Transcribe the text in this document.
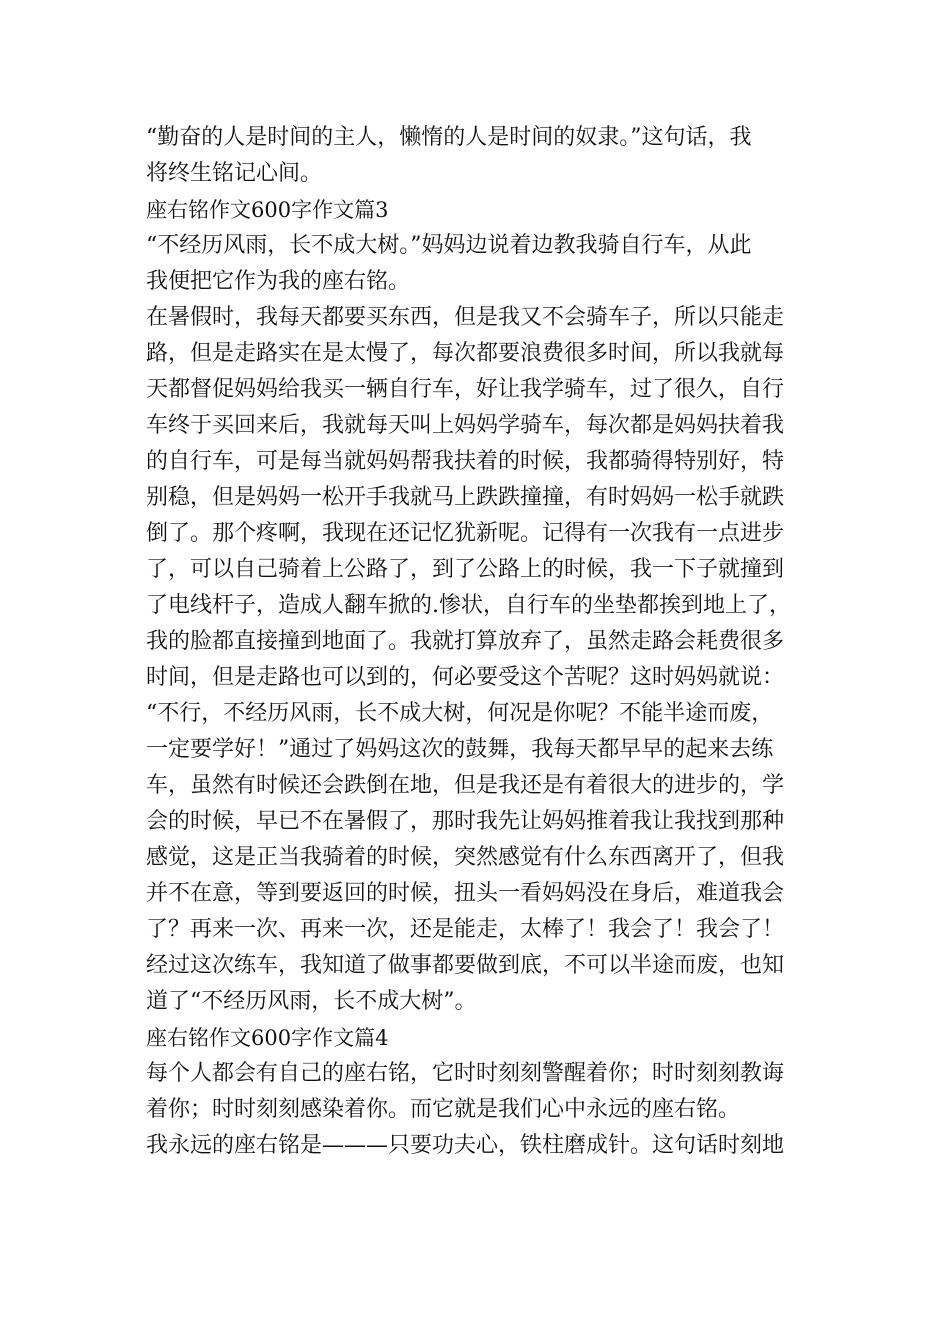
“勤奋的人是时间的主人，懒惰的人是时间的奴隶。”这句话，我
将终生铭记心间。
座右铭作文600字作文篇3
“不经历风雨，长不成大树。”妈妈边说着边教我骑自行车，从此
我便把它作为我的座右铭。
在暑假时，我每天都要买东西，但是我又不会骑车子，所以只能走
路，但是走路实在是太慢了，每次都要浪费很多时间，所以我就每
天都督促妈妈给我买一辆自行车，好让我学骑车，过了很久，自行
车终于买回来后，我就每天叫上妈妈学骑车，每次都是妈妈扶着我
的自行车，可是每当就妈妈帮我扶着的时候，我都骑得特别好，特
别稳，但是妈妈一松开手我就马上跌跌撞撞，有时妈妈一松手就跌
倒了。那个疼啊，我现在还记忆犹新呢。记得有一次我有一点进步
了，可以自己骑着上公路了，到了公路上的时候，我一下子就撞到
了电线杆子，造成人翻车掀的.惨状，自行车的坐垫都挨到地上了，
我的脸都直接撞到地面了。我就打算放弃了，虽然走路会耗费很多
时间，但是走路也可以到的，何必要受这个苦呢？这时妈妈就说：
“不行，不经历风雨，长不成大树，何况是你呢？不能半途而废，
一定要学好！”通过了妈妈这次的鼓舞，我每天都早早的起来去练
车，虽然有时候还会跌倒在地，但是我还是有着很大的进步的，学
会的时候，早已不在暑假了，那时我先让妈妈推着我让我找到那种
感觉，这是正当我骑着的时候，突然感觉有什么东西离开了，但我
并不在意，等到要返回的时候，扭头一看妈妈没在身后，难道我会
了？再来一次、再来一次，还是能走，太棒了！我会了！我会了！
经过这次练车，我知道了做事都要做到底，不可以半途而废，也知
道了“不经历风雨，长不成大树”。
座右铭作文600字作文篇4
每个人都会有自己的座右铭，它时时刻刻警醒着你；时时刻刻教诲
着你；时时刻刻感染着你。而它就是我们心中永远的座右铭。
我永远的座右铭是———只要功夫心，铁柱磨成针。这句话时刻地
